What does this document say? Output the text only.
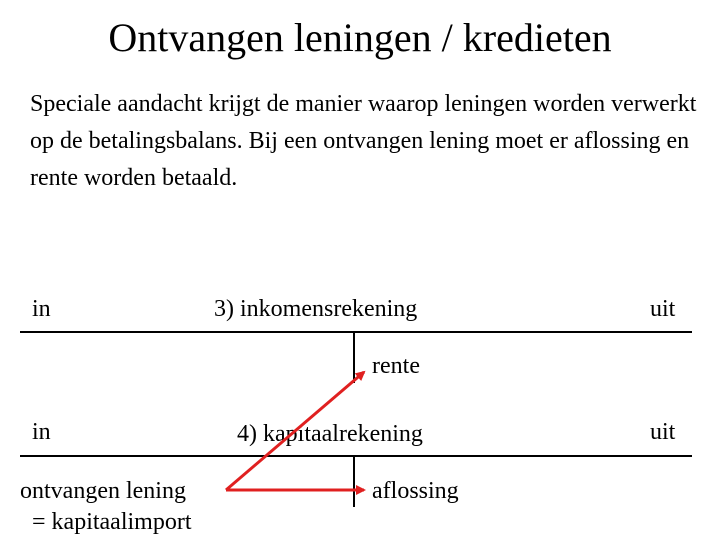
Ontvangen leningen / kredieten
Speciale aandacht krijgt de manier waarop leningen worden verwerkt op de betalingsbalans. Bij een ontvangen lening moet er aflossing en rente worden betaald.
in	3) inkomensrekening	uit
rente
in	4) kapitaalrekening	uit
ontvangen lening
= kapitaalimport
aflossing
